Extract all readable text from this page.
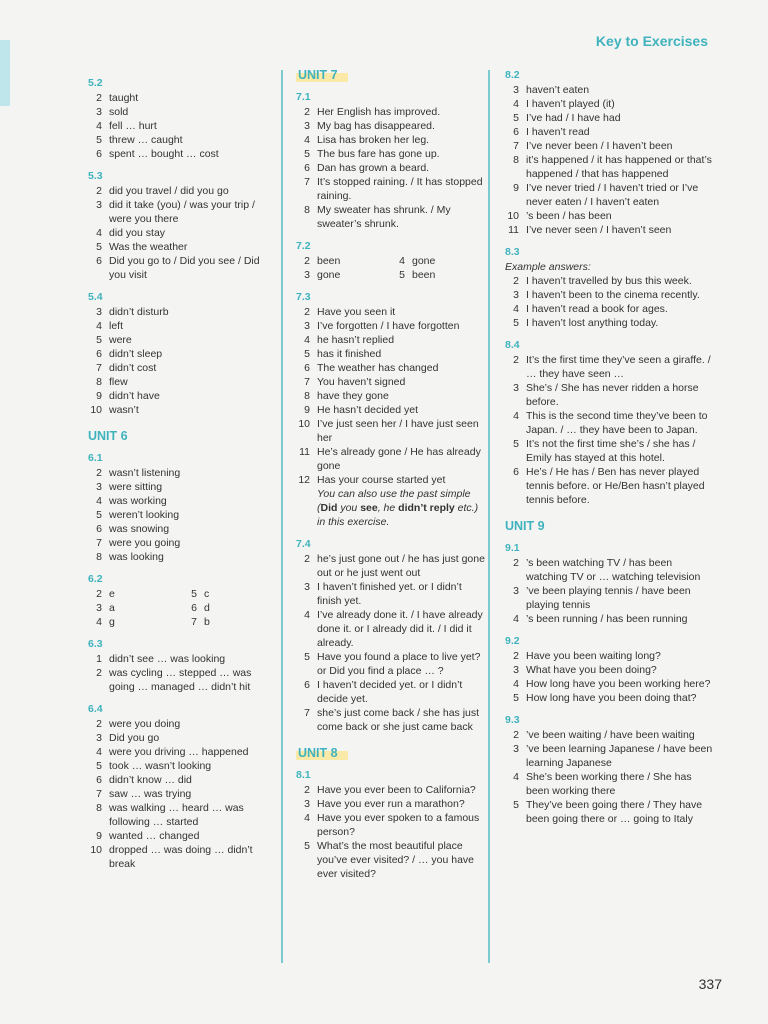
Key to Exercises
5.2
2 taught
3 sold
4 fell … hurt
5 threw … caught
6 spent … bought … cost
5.3
2 did you travel / did you go
3 did it take (you) / was your trip / were you there
4 did you stay
5 Was the weather
6 Did you go to / Did you see / Did you visit
5.4
3 didn’t disturb
4 left
5 were
6 didn’t sleep
7 didn’t cost
8 flew
9 didn’t have
10 wasn’t
UNIT 6
6.1
2 wasn’t listening
3 were sitting
4 was working
5 weren’t looking
6 was snowing
7 were you going
8 was looking
6.2
2 e	5 c
3 a	6 d
4 g	7 b
6.3
1 didn’t see … was looking
2 was cycling … stepped … was going … managed … didn’t hit
6.4
2 were you doing
3 Did you go
4 were you driving … happened
5 took … wasn’t looking
6 didn’t know … did
7 saw … was trying
8 was walking … heard … was following … started
9 wanted … changed
10 dropped … was doing … didn’t break
UNIT 7
7.1
2 Her English has improved.
3 My bag has disappeared.
4 Lisa has broken her leg.
5 The bus fare has gone up.
6 Dan has grown a beard.
7 It’s stopped raining. / It has stopped raining.
8 My sweater has shrunk. / My sweater’s shrunk.
7.2
2 been	4 gone
3 gone	5 been
7.3
2 Have you seen it
3 I’ve forgotten / I have forgotten
4 he hasn’t replied
5 has it finished
6 The weather has changed
7 You haven’t signed
8 have they gone
9 He hasn’t decided yet
10 I’ve just seen her / I have just seen her
11 He’s already gone / He has already gone
12 Has your course started yet
You can also use the past simple (Did you see, he didn’t reply etc.) in this exercise.
7.4
2 he’s just gone out / he has just gone out or he just went out
3 I haven’t finished yet. or I didn’t finish yet.
4 I’ve already done it. / I have already done it. or I already did it. / I did it already.
5 Have you found a place to live yet? or Did you find a place … ?
6 I haven’t decided yet. or I didn’t decide yet.
7 she’s just come back / she has just come back or she just came back
UNIT 8
8.1
2 Have you ever been to California?
3 Have you ever run a marathon?
4 Have you ever spoken to a famous person?
5 What’s the most beautiful place you’ve ever visited? / … you have ever visited?
8.2
3 haven’t eaten
4 I haven’t played (it)
5 I’ve had / I have had
6 I haven’t read
7 I’ve never been / I haven’t been
8 it’s happened / it has happened or that’s happened / that has happened
9 I’ve never tried / I haven’t tried or I’ve never eaten / I haven’t eaten
10 ’s been / has been
11 I’ve never seen / I haven’t seen
8.3
Example answers:
2 I haven’t travelled by bus this week.
3 I haven’t been to the cinema recently.
4 I haven’t read a book for ages.
5 I haven’t lost anything today.
8.4
2 It’s the first time they’ve seen a giraffe. / … they have seen …
3 She’s / She has never ridden a horse before.
4 This is the second time they’ve been to Japan. / … they have been to Japan.
5 It’s not the first time she’s / she has / Emily has stayed at this hotel.
6 He’s / He has / Ben has never played tennis before. or He/Ben hasn’t played tennis before.
UNIT 9
9.1
2 ’s been watching TV / has been watching TV or … watching television
3 ’ve been playing tennis / have been playing tennis
4 ’s been running / has been running
9.2
2 Have you been waiting long?
3 What have you been doing?
4 How long have you been working here?
5 How long have you been doing that?
9.3
2 ’ve been waiting / have been waiting
3 ’ve been learning Japanese / have been learning Japanese
4 She’s been working there / She has been working there
5 They’ve been going there / They have been going there or … going to Italy
337
